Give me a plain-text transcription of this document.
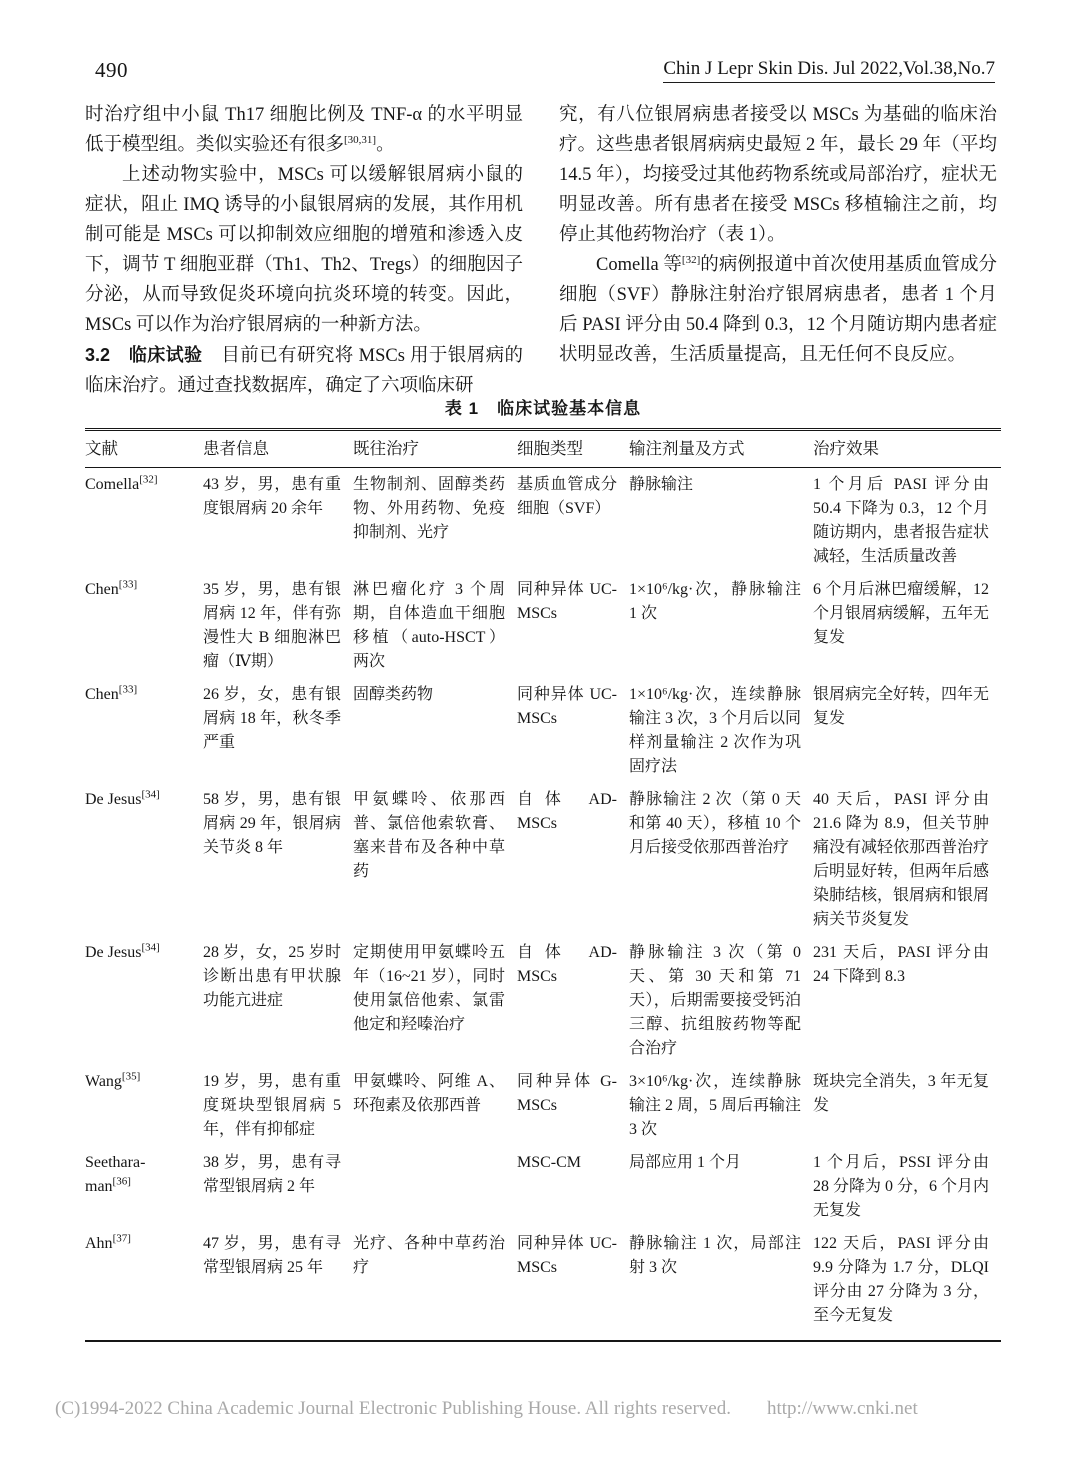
490	Chin J Lepr Skin Dis. Jul 2022,Vol.38,No.7

时治疗组中小鼠 Th17 细胞比例及 TNF-α 的水平明显低于模型组。类似实验还有很多[30,31]。

上述动物实验中，MSCs 可以缓解银屑病小鼠的症状，阻止 IMQ 诱导的小鼠银屑病的发展，其作用机制可能是 MSCs 可以抑制效应细胞的增殖和渗透入皮下，调节 T 细胞亚群（Th1、Th2、Tregs）的细胞因子分泌，从而导致促炎环境向抗炎环境的转变。因此，MSCs 可以作为治疗银屑病的一种新方法。

3.2　临床试验　目前已有研究将 MSCs 用于银屑病的临床治疗。通过查找数据库，确定了六项临床研

究，有八位银屑病患者接受以 MSCs 为基础的临床治疗。这些患者银屑病病史最短 2 年，最长 29 年（平均 14.5 年），均接受过其他药物系统或局部治疗，症状无明显改善。所有患者在接受 MSCs 移植输注之前，均停止其他药物治疗（表 1）。

Comella 等[32]的病例报道中首次使用基质血管成分细胞（SVF）静脉注射治疗银屑病患者，患者 1 个月后 PASI 评分由 50.4 降到 0.3，12 个月随访期内患者症状明显改善，生活质量提高，且无任何不良反应。

表 1　临床试验基本信息

文献	患者信息	既往治疗	细胞类型	输注剂量及方式	治疗效果
Comella[32]	43 岁，男，患有重度银屑病 20 余年	生物制剂、固醇类药物、外用药物、免疫抑制剂、光疗	基质血管成分细胞（SVF）	静脉输注	1 个月后 PASI 评分由 50.4 下降为 0.3，12 个月随访期内，患者报告症状减轻，生活质量改善
Chen[33]	35 岁，男，患有银屑病 12 年，伴有弥漫性大 B 细胞淋巴瘤（Ⅳ期）	淋巴瘤化疗 3 个周期，自体造血干细胞移植（auto-HSCT）两次	同种异体 UC-MSCs	1×10⁶/kg·次，静脉输注 1 次	6 个月后淋巴瘤缓解，12 个月银屑病缓解，五年无复发
Chen[33]	26 岁，女，患有银屑病 18 年，秋冬季严重	固醇类药物	同种异体 UC-MSCs	1×10⁶/kg·次，连续静脉输注 3 次，3 个月后以同样剂量输注 2 次作为巩固疗法	银屑病完全好转，四年无复发
De Jesus[34]	58 岁，男，患有银屑病 29 年，银屑病关节炎 8 年	甲氨蝶呤、依那西普、氯倍他索软膏、塞来昔布及各种中草药	自体 AD-MSCs	静脉输注 2 次（第 0 天和第 40 天），移植 10 个月后接受依那西普治疗	40 天后，PASI 评分由 21.6 降为 8.9，但关节肿痛没有减轻依那西普治疗后明显好转，但两年后感染肺结核，银屑病和银屑病关节炎复发
De Jesus[34]	28 岁，女，25 岁时诊断出患有甲状腺功能亢进症	定期使用甲氨蝶呤五年（16~21 岁），同时使用氯倍他索、氯雷他定和羟嗪治疗	自体 AD-MSCs	静脉输注 3 次（第 0 天、第 30 天和第 71 天），后期需要接受钙泊三醇、抗组胺药物等配合治疗	231 天后，PASI 评分由 24 下降到 8.3
Wang[35]	19 岁，男，患有重度斑块型银屑病 5 年，伴有抑郁症	甲氨蝶呤、阿维 A、环孢素及依那西普	同种异体 G-MSCs	3×10⁶/kg·次，连续静脉输注 2 周，5 周后再输注 3 次	斑块完全消失，3 年无复发
Seethara-man[36]	38 岁，男，患有寻常型银屑病 2 年		MSC-CM	局部应用 1 个月	1 个月后，PSSI 评分由 28 分降为 0 分，6 个月内无复发
Ahn[37]	47 岁，男，患有寻常型银屑病 25 年	光疗、各种中草药治疗	同种异体 UC-MSCs	静脉输注 1 次，局部注射 3 次	122 天后，PASI 评分由 9.9 分降为 1.7 分，DLQI 评分由 27 分降为 3 分，至今无复发
(C)1994-2022 China Academic Journal Electronic Publishing House. All rights reserved. http://www.cnki.net
